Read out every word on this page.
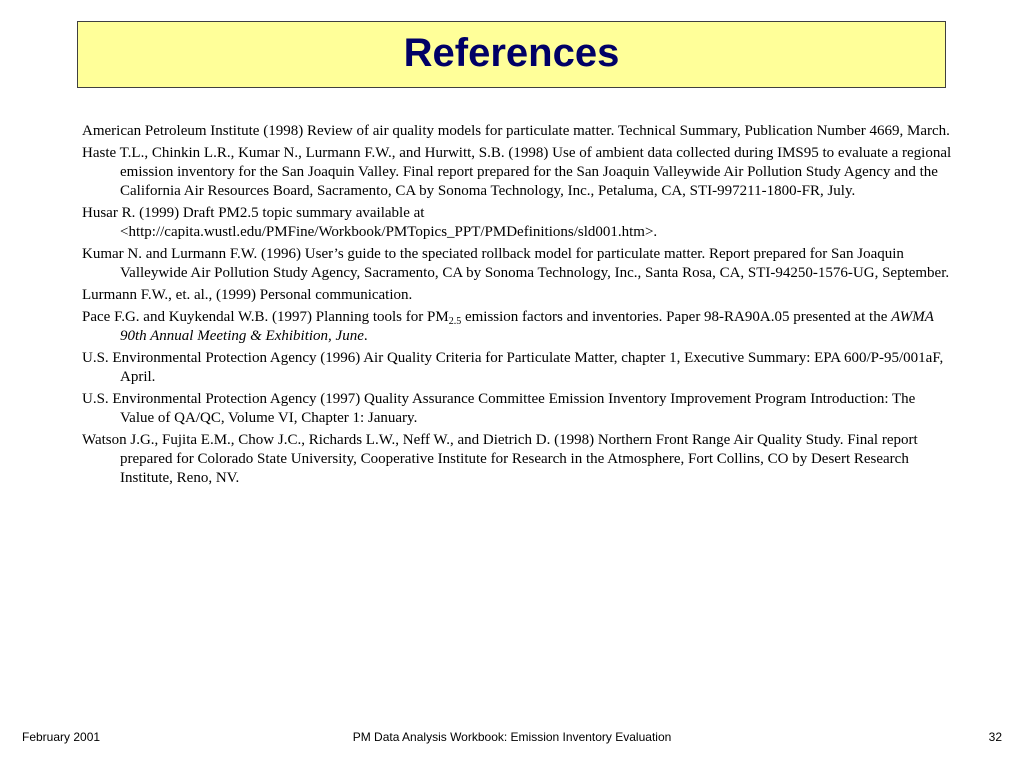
References
American Petroleum Institute (1998) Review of air quality models for particulate matter. Technical Summary, Publication Number 4669, March.
Haste T.L., Chinkin L.R., Kumar N., Lurmann F.W., and Hurwitt, S.B. (1998) Use of ambient data collected during IMS95 to evaluate a regional emission inventory for the San Joaquin Valley. Final report prepared for the San Joaquin Valleywide Air Pollution Study Agency and the California Air Resources Board, Sacramento, CA by Sonoma Technology, Inc., Petaluma, CA, STI-997211-1800-FR, July.
Husar R. (1999) Draft PM2.5 topic summary available at <http://capita.wustl.edu/PMFine/Workbook/PMTopics_PPT/PMDefinitions/sld001.htm>.
Kumar N. and Lurmann F.W. (1996) User’s guide to the speciated rollback model for particulate matter. Report prepared for San Joaquin Valleywide Air Pollution Study Agency, Sacramento, CA by Sonoma Technology, Inc., Santa Rosa, CA, STI-94250-1576-UG, September.
Lurmann F.W., et. al., (1999) Personal communication.
Pace F.G. and Kuykendal W.B. (1997) Planning tools for $PM_{2.5}$ emission factors and inventories. Paper 98-RA90A.05 presented at the AWMA 90th Annual Meeting & Exhibition, June.
U.S. Environmental Protection Agency (1996) Air Quality Criteria for Particulate Matter, chapter 1, Executive Summary: EPA 600/P-95/001aF, April.
U.S. Environmental Protection Agency (1997) Quality Assurance Committee Emission Inventory Improvement Program Introduction: The Value of QA/QC, Volume VI, Chapter 1: January.
Watson J.G., Fujita E.M., Chow J.C., Richards L.W., Neff W., and Dietrich D. (1998) Northern Front Range Air Quality Study. Final report prepared for Colorado State University, Cooperative Institute for Research in the Atmosphere, Fort Collins, CO by Desert Research Institute, Reno, NV.
February 2001	PM Data Analysis Workbook: Emission Inventory Evaluation	32
